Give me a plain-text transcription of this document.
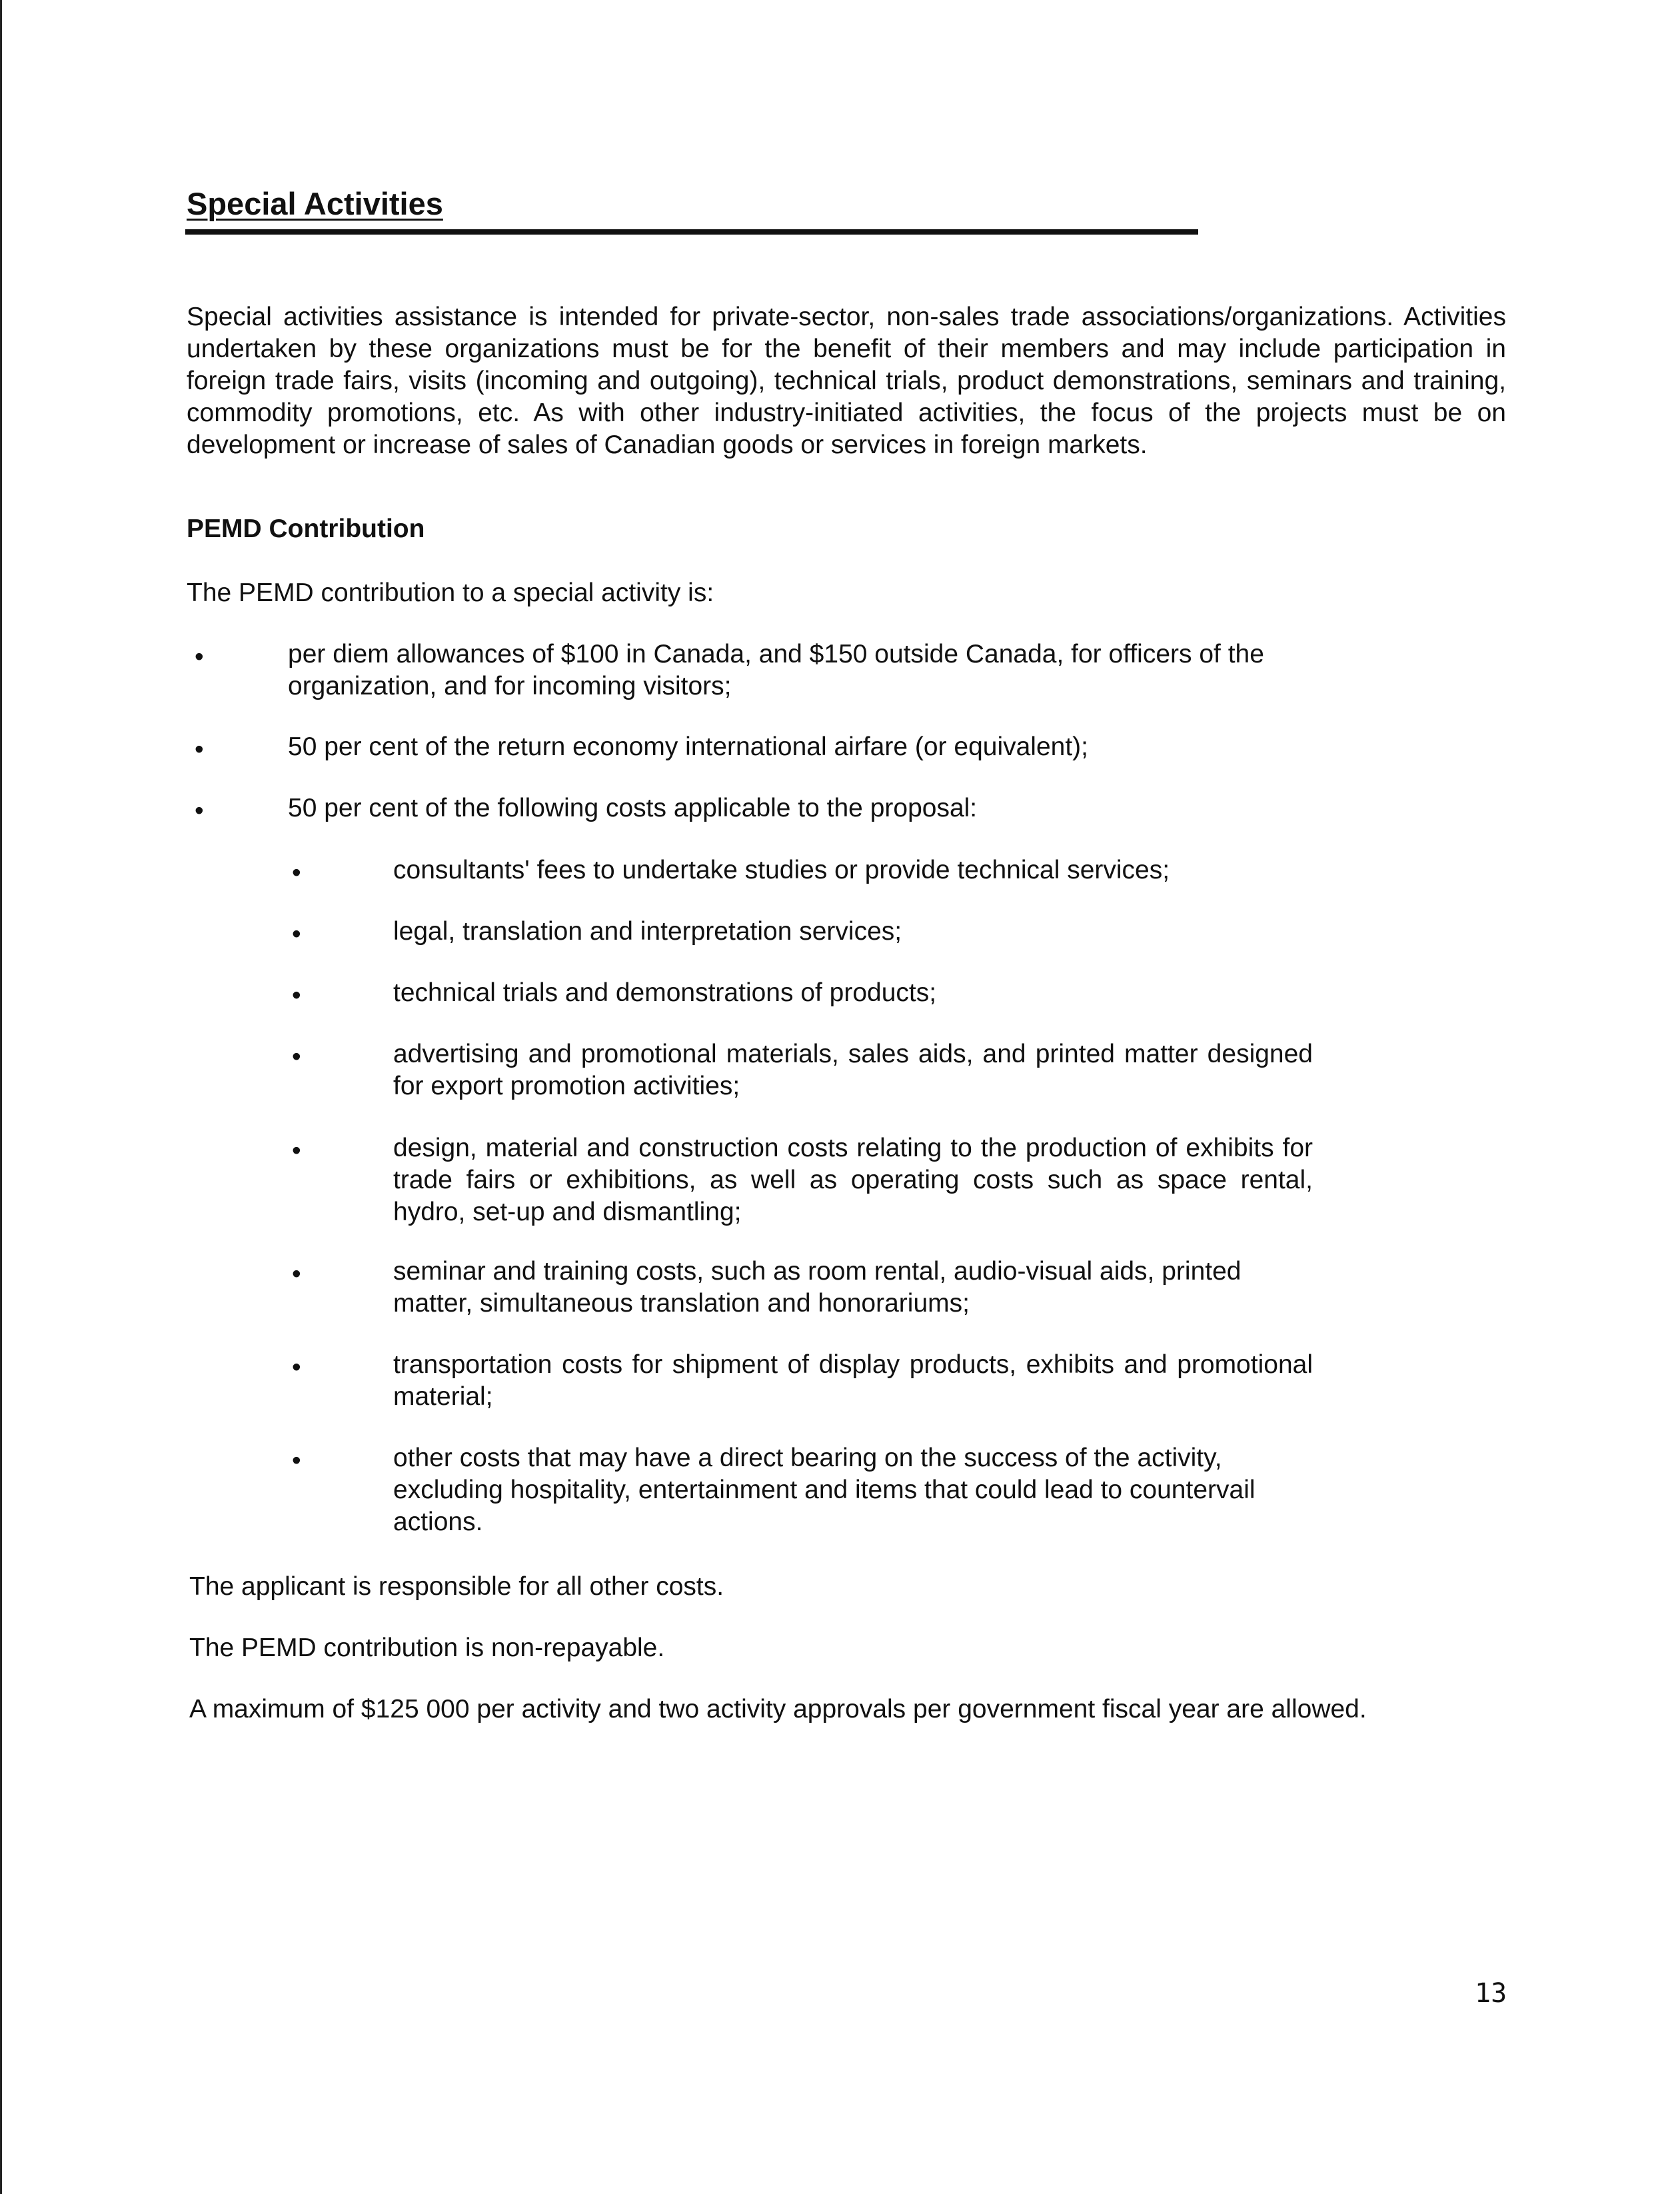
Special Activities

Special activities assistance is intended for private-sector, non-sales trade associations/organizations. Activities undertaken by these organizations must be for the benefit of their members and may include participation in foreign trade fairs, visits (incoming and outgoing), technical trials, product demonstrations, seminars and training, commodity promotions, etc. As with other industry-initiated activities, the focus of the projects must be on development or increase of sales of Canadian goods or services in foreign markets.

PEMD Contribution
The PEMD contribution to a special activity is:
•	per diem allowances of $100 in Canada, and $150 outside Canada, for officers of the organization, and for incoming visitors;
•	50 per cent of the return economy international airfare (or equivalent);
•	50 per cent of the following costs applicable to the proposal:
•	consultants' fees to undertake studies or provide technical services;
•	legal, translation and interpretation services;
•	technical trials and demonstrations of products;
•	advertising and promotional materials, sales aids, and printed matter designed for export promotion activities;
•	design, material and construction costs relating to the production of exhibits for trade fairs or exhibitions, as well as operating costs such as space rental, hydro, set-up and dismantling;
•	seminar and training costs, such as room rental, audio-visual aids, printed matter, simultaneous translation and honorariums;
•	transportation costs for shipment of display products, exhibits and promotional material;
•	other costs that may have a direct bearing on the success of the activity, excluding hospitality, entertainment and items that could lead to countervail actions.
The applicant is responsible for all other costs.
The PEMD contribution is non-repayable.
A maximum of $125 000 per activity and two activity approvals per government fiscal year are allowed.
13
